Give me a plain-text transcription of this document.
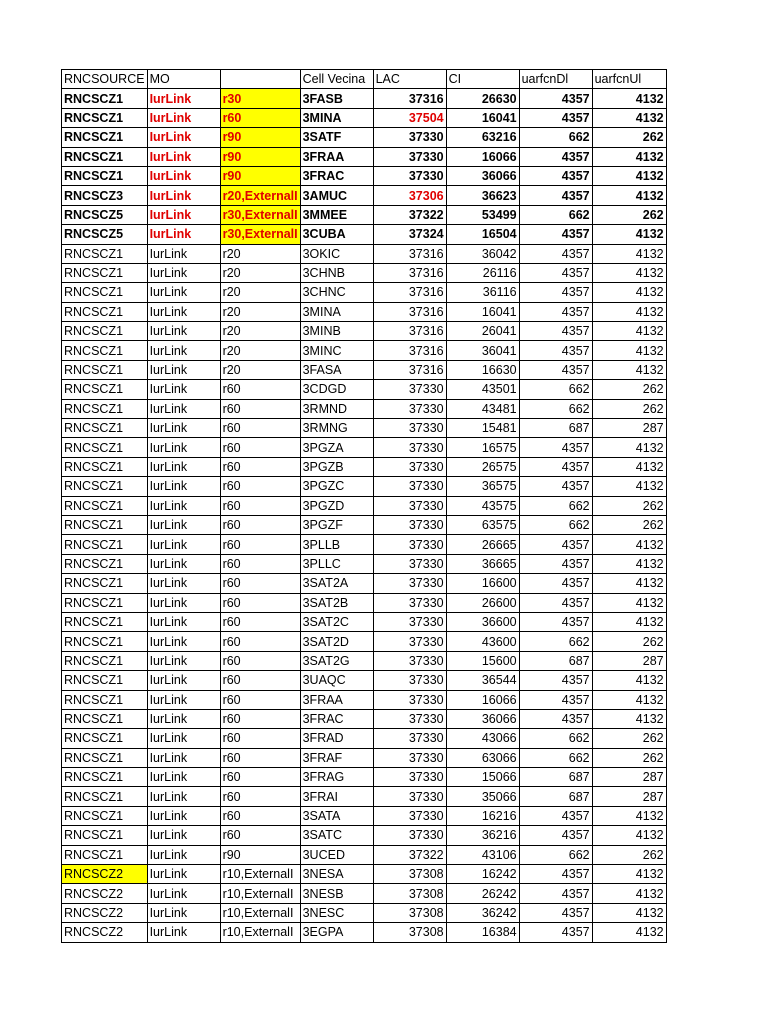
RNCSOURCE	MO		Cell Vecina	LAC	CI	uarfcnDl	uarfcnUl
RNCSCZ1	IurLink	r30	3FASB	37316	26630	4357	4132
RNCSCZ1	IurLink	r60	3MINA	37504	16041	4357	4132
RNCSCZ1	IurLink	r90	3SATF	37330	63216	662	262
RNCSCZ1	IurLink	r90	3FRAA	37330	16066	4357	4132
RNCSCZ1	IurLink	r90	3FRAC	37330	36066	4357	4132
RNCSCZ3	IurLink	r20,ExternalI	3AMUC	37306	36623	4357	4132
RNCSCZ5	IurLink	r30,ExternalI	3MMEE	37322	53499	662	262
RNCSCZ5	IurLink	r30,ExternalI	3CUBA	37324	16504	4357	4132
RNCSCZ1	IurLink	r20	3OKIC	37316	36042	4357	4132
RNCSCZ1	IurLink	r20	3CHNB	37316	26116	4357	4132
RNCSCZ1	IurLink	r20	3CHNC	37316	36116	4357	4132
RNCSCZ1	IurLink	r20	3MINA	37316	16041	4357	4132
RNCSCZ1	IurLink	r20	3MINB	37316	26041	4357	4132
RNCSCZ1	IurLink	r20	3MINC	37316	36041	4357	4132
RNCSCZ1	IurLink	r20	3FASA	37316	16630	4357	4132
RNCSCZ1	IurLink	r60	3CDGD	37330	43501	662	262
RNCSCZ1	IurLink	r60	3RMND	37330	43481	662	262
RNCSCZ1	IurLink	r60	3RMNG	37330	15481	687	287
RNCSCZ1	IurLink	r60	3PGZA	37330	16575	4357	4132
RNCSCZ1	IurLink	r60	3PGZB	37330	26575	4357	4132
RNCSCZ1	IurLink	r60	3PGZC	37330	36575	4357	4132
RNCSCZ1	IurLink	r60	3PGZD	37330	43575	662	262
RNCSCZ1	IurLink	r60	3PGZF	37330	63575	662	262
RNCSCZ1	IurLink	r60	3PLLB	37330	26665	4357	4132
RNCSCZ1	IurLink	r60	3PLLC	37330	36665	4357	4132
RNCSCZ1	IurLink	r60	3SAT2A	37330	16600	4357	4132
RNCSCZ1	IurLink	r60	3SAT2B	37330	26600	4357	4132
RNCSCZ1	IurLink	r60	3SAT2C	37330	36600	4357	4132
RNCSCZ1	IurLink	r60	3SAT2D	37330	43600	662	262
RNCSCZ1	IurLink	r60	3SAT2G	37330	15600	687	287
RNCSCZ1	IurLink	r60	3UAQC	37330	36544	4357	4132
RNCSCZ1	IurLink	r60	3FRAA	37330	16066	4357	4132
RNCSCZ1	IurLink	r60	3FRAC	37330	36066	4357	4132
RNCSCZ1	IurLink	r60	3FRAD	37330	43066	662	262
RNCSCZ1	IurLink	r60	3FRAF	37330	63066	662	262
RNCSCZ1	IurLink	r60	3FRAG	37330	15066	687	287
RNCSCZ1	IurLink	r60	3FRAI	37330	35066	687	287
RNCSCZ1	IurLink	r60	3SATA	37330	16216	4357	4132
RNCSCZ1	IurLink	r60	3SATC	37330	36216	4357	4132
RNCSCZ1	IurLink	r90	3UCED	37322	43106	662	262
RNCSCZ2	IurLink	r10,ExternalI	3NESA	37308	16242	4357	4132
RNCSCZ2	IurLink	r10,ExternalI	3NESB	37308	26242	4357	4132
RNCSCZ2	IurLink	r10,ExternalI	3NESC	37308	36242	4357	4132
RNCSCZ2	IurLink	r10,ExternalI	3EGPA	37308	16384	4357	4132
